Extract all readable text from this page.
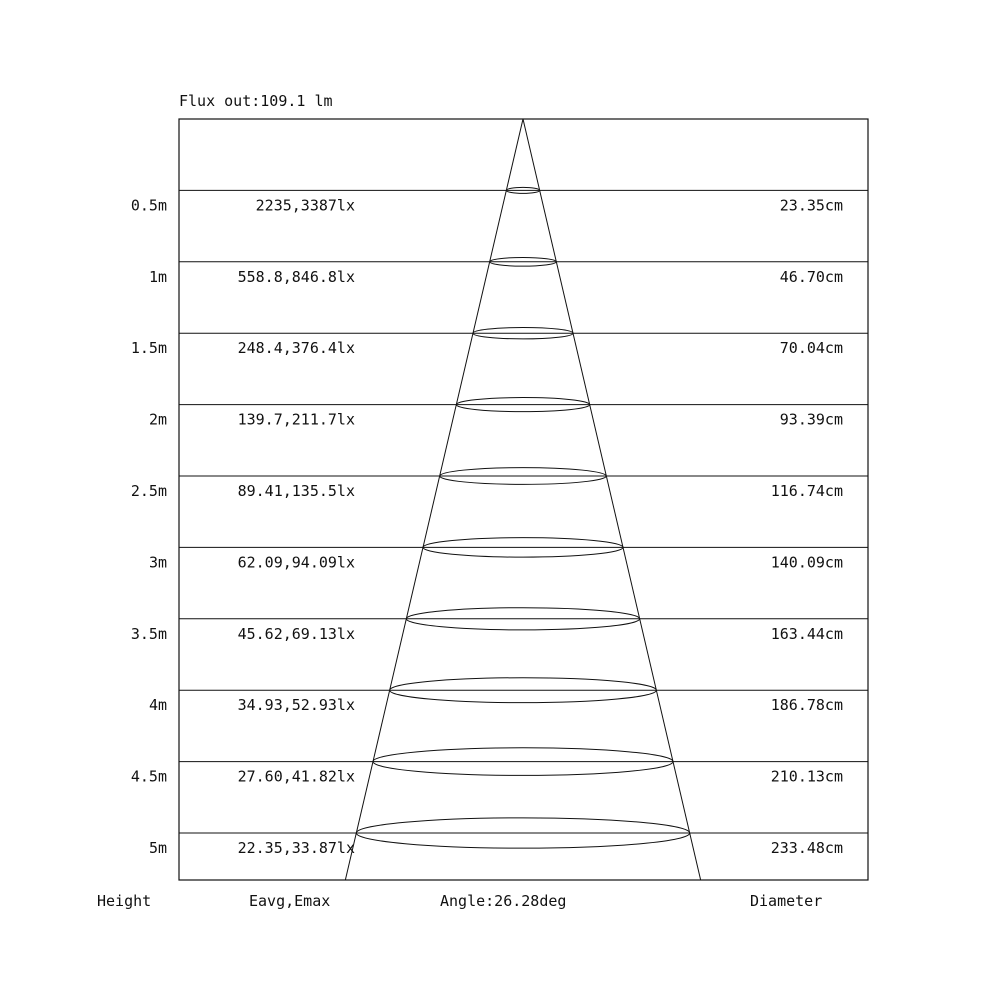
Flux out:109.1 lm
0.5m	2235,3387lx	23.35cm
1m	558.8,846.8lx	46.70cm
1.5m	248.4,376.4lx	70.04cm
2m	139.7,211.7lx	93.39cm
2.5m	89.41,135.5lx	116.74cm
3m	62.09,94.09lx	140.09cm
3.5m	45.62,69.13lx	163.44cm
4m	34.93,52.93lx	186.78cm
4.5m	27.60,41.82lx	210.13cm
5m	22.35,33.87lx	233.48cm
Height	Eavg,Emax	Angle:26.28deg	Diameter
